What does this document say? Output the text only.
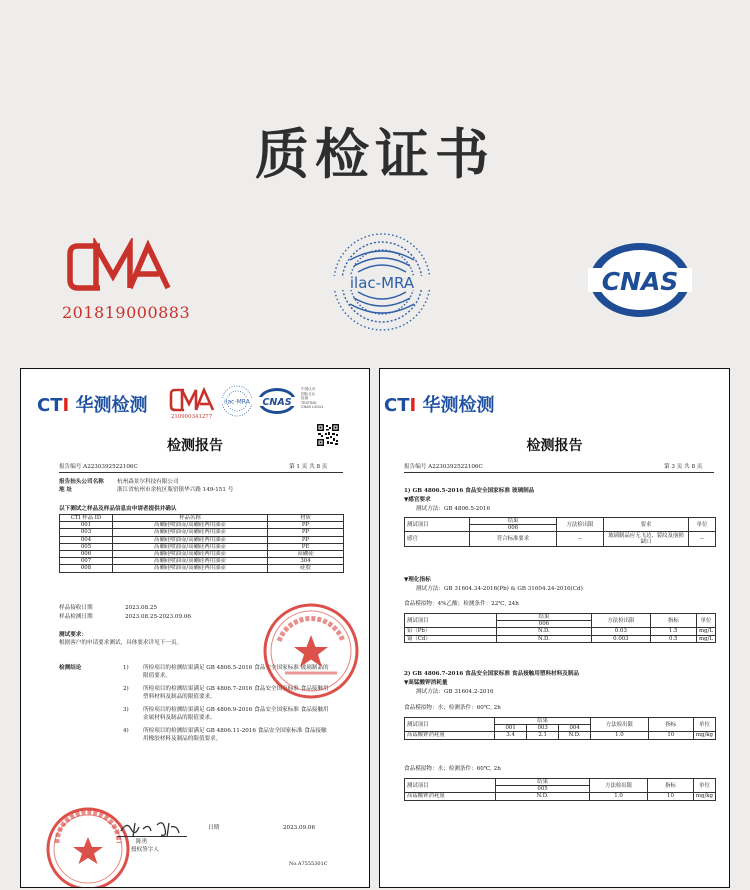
质检证书
201819000883
ilac-MRA	CNAS
CTI 华测检测
210900341277
ilac-MRA CNAS
中国认可
国际互认
检测
TESTING
CNAS L5041
检测报告
报告编号 A2230392522106C	第 1 页 共 8 页
报告抬头公司名称 杭州森景尔科技有限公司
地 址	浙江省杭州市余杭区瓶窑镇华兴路 149-151 号
以下测试之样品及样品信息由申请者提供并确认
CTI 样品 ID	样品名称	材质
001	高硼硅喷油壶/高硼硅两用油壶	PP
003	高硼硅喷油壶/高硼硅两用油壶	PP
004	高硼硅喷油壶/高硼硅两用油壶	PP
005	高硼硅喷油壶/高硼硅两用油壶	PE
006	高硼硅喷油壶/高硼硅两用油壶	高硼硅
007	高硼硅喷油壶/高硼硅两用油壶	304
008	高硼硅喷油壶/高硼硅两用油壶	硅胶
样品接收日期	2023.08.25
样品检测日期	2023.08.25-2023.09.06
测试要求：
根据客户的申请要求测试，具体要求详见下一页。
检测结论	1)	所检项目的检测结果满足 GB 4806.5-2016 食品安全国家标准 玻璃制品的
限值要求。
2)	所检项目的检测结果满足 GB 4806.7-2016 食品安全国家标准 食品接触用
塑料材料及制品的限值要求。
3)	所检项目的检测结果满足 GB 4806.9-2016 食品安全国家标准 食品接触用
金属材料及制品的限值要求。
4)	所检项目的检测结果满足 GB 4806.11-2016 食品安全国家标准 食品接触
用橡胶材料及制品的限值要求。
日期	2023.09.06
陈勇
授权签字人
No.A7555301C
CTI 华测检测
检测报告
报告编号 A2230392522106C	第 3 页 共 8 页
1) GB 4806.5-2016 食品安全国家标准 玻璃制品
▼感官要求
测试方法：GB 4806.5-2016
测试项目	结果	方法检出限	要求	单位
	006			
感官	符合标准要求	--	玻璃制品应无飞边、裂纹及崩损缺口	--
▼理化指标
测试方法：GB 31604.34-2016(Pb) & GB 31604.24-2016(Cd)
食品模拟物：4%乙酸；检测条件：22℃, 24h
测试项目	结果	方法检出限	指标	单位
	006			
铅（Pb）	N.D.	0.03	1.5	mg/L
镉（Cd）	N.D.	0.003	0.5	mg/L
2) GB 4806.7-2016 食品安全国家标准 食品接触用塑料材料及制品
▼高锰酸钾消耗量
测试方法：GB 31604.2-2016
食品模拟物：水；检测条件：60℃, 2h
测试项目	结果			方法检出限	指标	单位
	001	003	004			
高锰酸钾消耗量	3.4	2.1	N.D.	1.0	10	mg/kg
食品模拟物：水；检测条件：60℃, 2h
测试项目	结果	方法检出限	指标	单位
	005			
高锰酸钾消耗量	N.D.	1.0	10	mg/kg
